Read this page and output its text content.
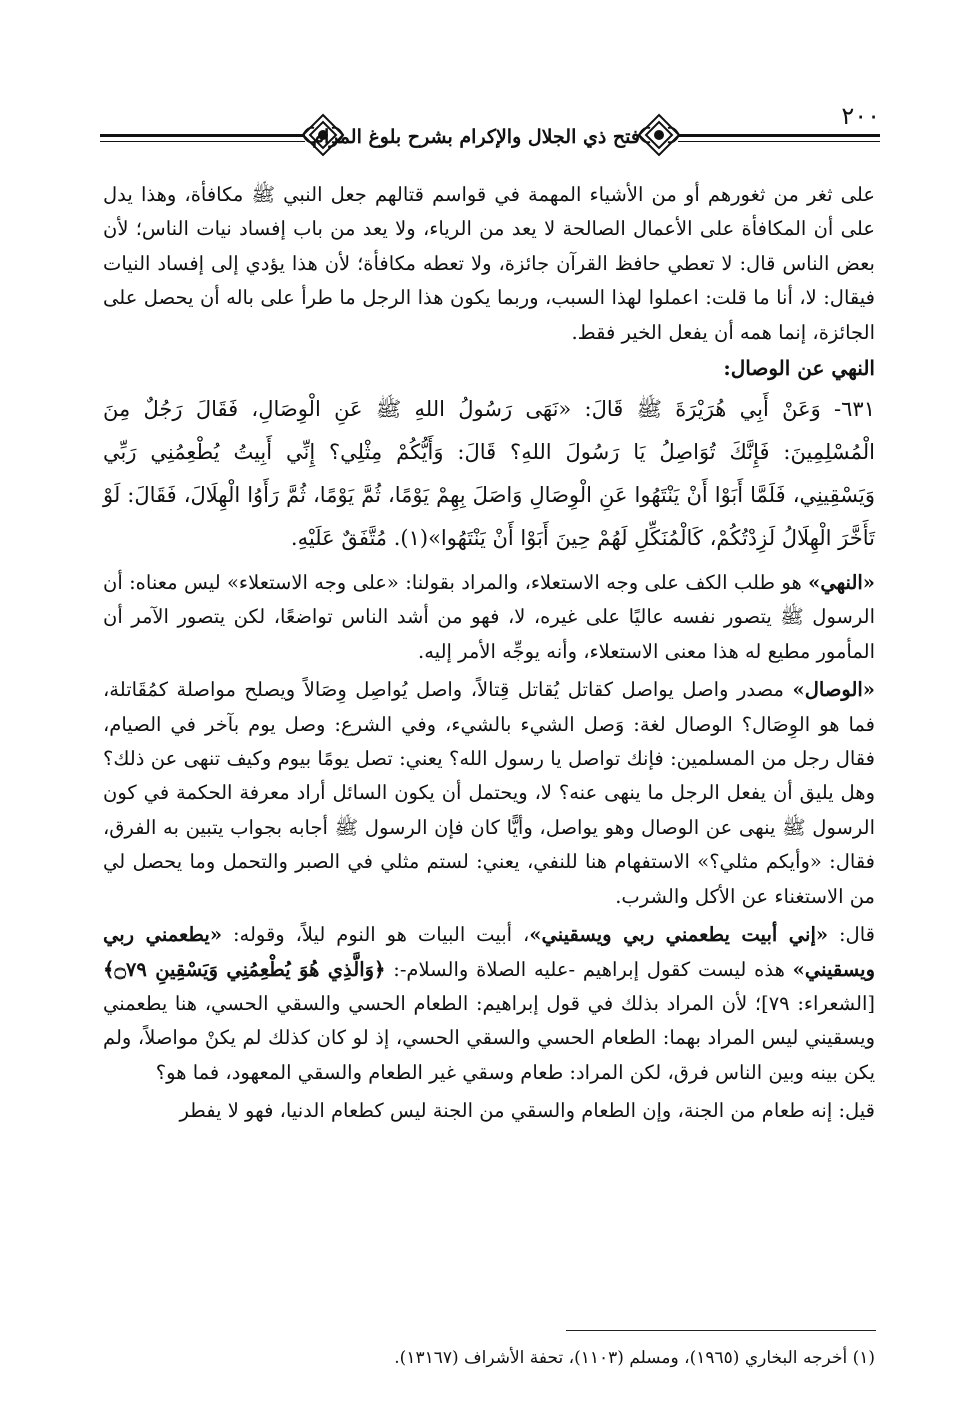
فتح ذي الجلال والإكرام بشرح بلوغ المرام
٢٠٠

على ثغر من ثغورهم أو من الأشياء المهمة في قواسم قتالهم جعل النبي ﷺ مكافأة، وهذا يدل على أن المكافأة على الأعمال الصالحة لا يعد من الرياء، ولا يعد من باب إفساد نيات الناس؛ لأن بعض الناس قال: لا تعطي حافظ القرآن جائزة، ولا تعطه مكافأة؛ لأن هذا يؤدي إلى إفساد النيات فيقال: لا، أنا ما قلت: اعملوا لهذا السبب، وربما يكون هذا الرجل ما طرأ على باله أن يحصل على الجائزة، إنما همه أن يفعل الخير فقط.

النهي عن الوصال:

٦٣١- وَعَنْ أَبِي هُرَيْرَةَ ﷺ قَالَ: «نَهَى رَسُولُ اللهِ ﷺ عَنِ الْوِصَالِ، فَقَالَ رَجُلٌ مِنَ الْمُسْلِمِينَ: فَإِنَّكَ تُوَاصِلُ يَا رَسُولَ اللهِ؟ قَالَ: وَأَيُّكُمْ مِثْلِي؟ إِنِّي أَبِيتُ يُطْعِمُنِي رَبِّي وَيَسْقِينِي، فَلَمَّا أَبَوْا أَنْ يَنْتَهُوا عَنِ الْوِصَالِ وَاصَلَ بِهِمْ يَوْمًا، ثُمَّ يَوْمًا، ثُمَّ رَأَوُا الْهِلَالَ، فَقَالَ: لَوْ تَأَخَّرَ الْهِلَالُ لَزِدْتُكُمْ، كَالْمُنَكِّلِ لَهُمْ حِينَ أَبَوْا أَنْ يَنْتَهُوا»(١). مُتَّفَقٌ عَلَيْهِ.

«النهي» هو طلب الكف على وجه الاستعلاء، والمراد بقولنا: «على وجه الاستعلاء» ليس معناه: أن الرسول ﷺ يتصور نفسه عاليًا على غيره، لا، فهو من أشد الناس تواضعًا، لكن يتصور الآمر أن المأمور مطيع له هذا معنى الاستعلاء، وأنه يوجِّه الأمر إليه.

«الوصال» مصدر واصل يواصل كقاتل يُقاتل قِتالاً، واصل يُواصِل وِصَالاً ويصلح مواصلة كمُقَاتلة، فما هو الوِصَال؟ الوصال لغة: وَصل الشيء بالشيء، وفي الشرع: وصل يوم بآخر في الصيام، فقال رجل من المسلمين: فإنك تواصل يا رسول الله؟ يعني: تصل يومًا بيوم وكيف تنهى عن ذلك؟ وهل يليق أن يفعل الرجل ما ينهى عنه؟ لا، ويحتمل أن يكون السائل أراد معرفة الحكمة في كون الرسول ﷺ ينهى عن الوصال وهو يواصل، وأيًّا كان فإن الرسول ﷺ أجابه بجواب يتبين به الفرق، فقال: «وأيكم مثلي؟» الاستفهام هنا للنفي، يعني: لستم مثلي في الصبر والتحمل وما يحصل لي من الاستغناء عن الأكل والشرب.

قال: «إني أبيت يطعمني ربي ويسقيني»، أبيت البيات هو النوم ليلاً، وقوله: «يطعمني ربي ويسقيني» هذه ليست كقول إبراهيم -عليه الصلاة والسلام-: ﴿وَالَّذِي هُوَ يُطْعِمُنِي وَيَسْقِينِ ۝٧٩﴾ [الشعراء: ٧٩]؛ لأن المراد بذلك في قول إبراهيم: الطعام الحسي والسقي الحسي، هنا يطعمني ويسقيني ليس المراد بهما: الطعام الحسي والسقي الحسي، إذ لو كان كذلك لم يكنْ مواصلاً، ولم يكن بينه وبين الناس فرق، لكن المراد: طعام وسقي غير الطعام والسقي المعهود، فما هو؟

قيل: إنه طعام من الجنة، وإن الطعام والسقي من الجنة ليس كطعام الدنيا، فهو لا يفطر

(١) أخرجه البخاري (١٩٦٥)، ومسلم (١١٠٣)، تحفة الأشراف (١٣١٦٧).
